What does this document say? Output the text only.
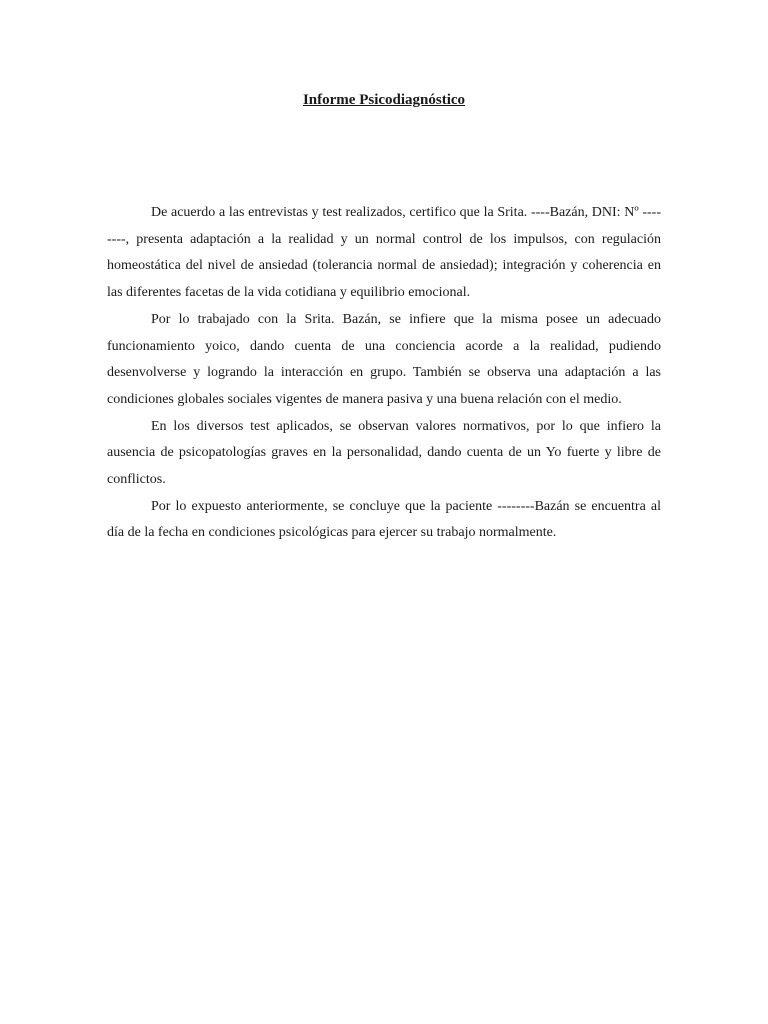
Informe Psicodiagnóstico

De acuerdo a las entrevistas y test realizados, certifico que la Srita. ----Bazán, DNI: Nº --------, presenta adaptación a la realidad y un normal control de los impulsos, con regulación homeostática del nivel de ansiedad (tolerancia normal de ansiedad); integración y coherencia en las diferentes facetas de la vida cotidiana y equilibrio emocional.

Por lo trabajado con la Srita. Bazán, se infiere que la misma posee un adecuado funcionamiento yoico, dando cuenta de una conciencia acorde a la realidad, pudiendo desenvolverse y logrando la interacción en grupo. También se observa una adaptación a las condiciones globales sociales vigentes de manera pasiva y una buena relación con el medio.

En los diversos test aplicados, se observan valores normativos, por lo que infiero la ausencia de psicopatologías graves en la personalidad, dando cuenta de un Yo fuerte y libre de conflictos.

Por lo expuesto anteriormente, se concluye que la paciente --------Bazán se encuentra al día de la fecha en condiciones psicológicas para ejercer su trabajo normalmente.
